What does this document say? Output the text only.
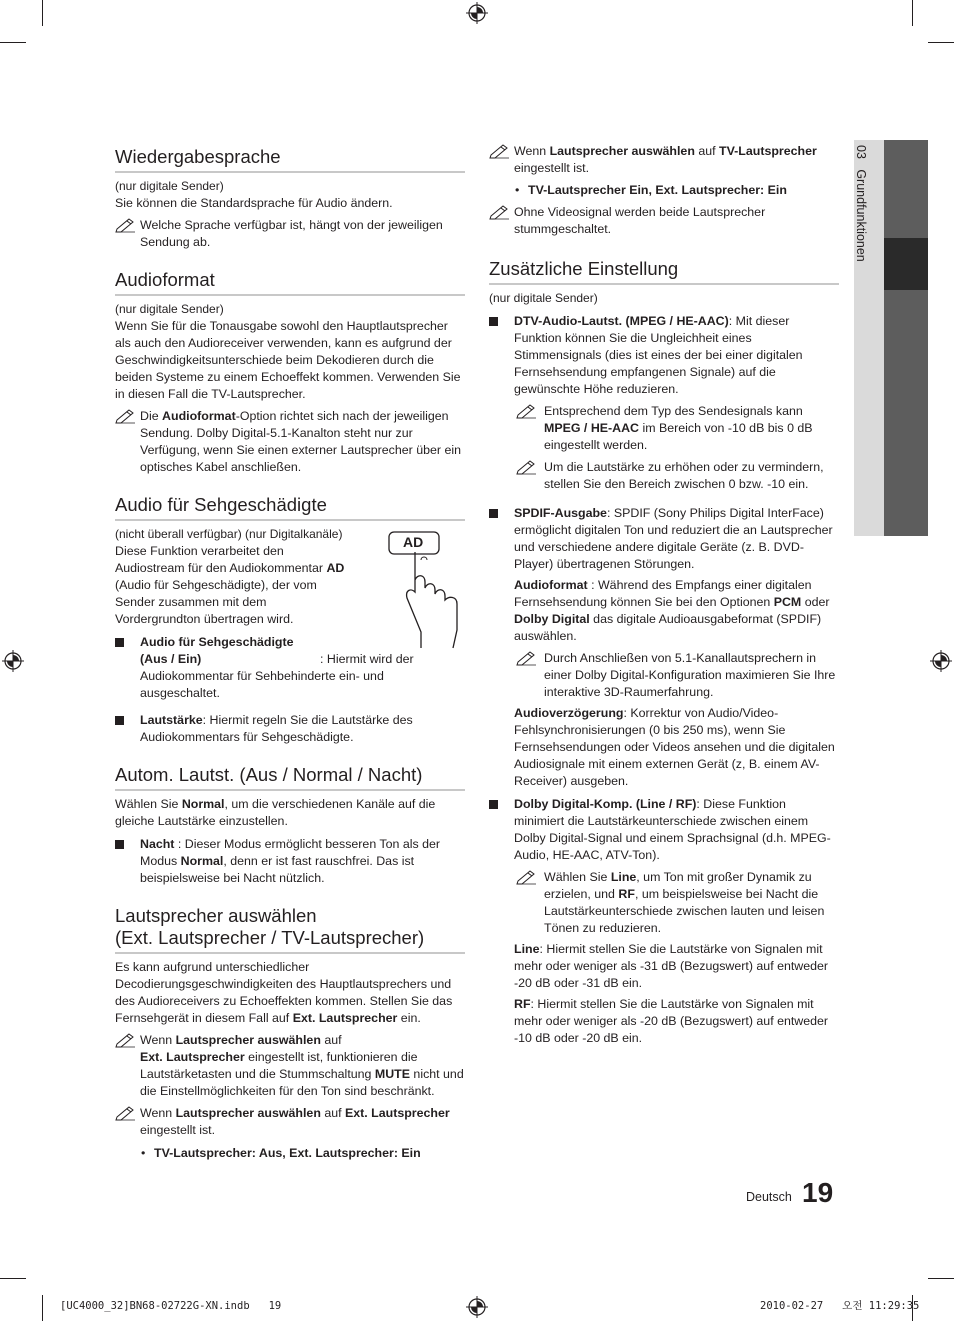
03   Grundfunktionen
Wiedergabesprache

(nur digitale Sender)

Sie können die Standardsprache für Audio ändern.

Welche Sprache verfügbar ist, hängt von der jeweiligen Sendung ab.
Audioformat

(nur digitale Sender)

Wenn Sie für die Tonausgabe sowohl den Hauptlautsprecher als auch den Audioreceiver verwenden, kann es aufgrund der Geschwindigkeitsunterschiede beim Dekodieren durch die beiden Systeme zu einem Echoeffekt kommen. Verwenden Sie in diesen Fall die TV-Lautsprecher.

Die Audioformat-Option richtet sich nach der jeweiligen Sendung. Dolby Digital-5.1-Kanalton steht nur zur Verfügung, wenn Sie einen externer Lautsprecher über ein optisches Kabel anschließen.
Audio für Sehgeschädigte

(nicht überall verfügbar) (nur Digitalkanäle)

Diese Funktion verarbeitet den Audiostream für den Audiokommentar AD (Audio für Sehgeschädigte), der vom Sender zusammen mit dem Vordergrundton übertragen wird.

AD
Audio für Sehgeschädigte (Aus / Ein)	: Hiermit wird der Audiokommentar für Sehbehinderte ein- und ausgeschaltet.
Lautstärke: Hiermit regeln Sie die Lautstärke des Audiokommentars für Sehgeschädigte.
Autom. Lautst. (Aus / Normal / Nacht)

Wählen Sie Normal, um die verschiedenen Kanäle auf die gleiche Lautstärke einzustellen.

Nacht : Dieser Modus ermöglicht besseren Ton als der Modus Normal, denn er ist fast rauschfrei. Das ist beispielsweise bei Nacht nützlich.
Lautsprecher auswählen
(Ext. Lautsprecher / TV-Lautsprecher)

Es kann aufgrund unterschiedlicher Decodierungsgeschwindigkeiten des Hauptlautsprechers und des Audioreceivers zu Echoeffekten kommen. Stellen Sie das Fernsehgerät in diesem Fall auf Ext. Lautsprecher ein.

Wenn Lautsprecher auswählen auf
Ext. Lautsprecher eingestellt ist, funktionieren die Lautstärketasten und die Stummschaltung MUTE nicht und die Einstellmöglichkeiten für den Ton sind beschränkt.
Wenn Lautsprecher auswählen auf Ext. Lautsprecher eingestellt ist.
• TV-Lautsprecher: Aus, Ext. Lautsprecher: Ein
Wenn Lautsprecher auswählen auf TV-Lautsprecher eingestellt ist.
• TV-Lautsprecher Ein, Ext. Lautsprecher: Ein
Ohne Videosignal werden beide Lautsprecher stummgeschaltet.
Zusätzliche Einstellung

(nur digitale Sender)

DTV-Audio-Lautst. (MPEG / HE-AAC): Mit dieser Funktion können Sie die Ungleichheit eines Stimmensignals (dies ist eines der bei einer digitalen Fernsehsendung empfangenen Signale) auf die gewünschte Höhe reduzieren.
Entsprechend dem Typ des Sendesignals kann MPEG / HE-AAC im Bereich von -10 dB bis 0 dB eingestellt werden.
Um die Lautstärke zu erhöhen oder zu vermindern, stellen Sie den Bereich zwischen 0 bzw. -10 ein.
SPDIF-Ausgabe: SPDIF (Sony Philips Digital InterFace) ermöglicht digitalen Ton und reduziert die an Lautsprecher und verschiedene andere digitale Geräte (z. B. DVD-Player) übertragenen Störungen.

Audioformat : Während des Empfangs einer digitalen Fernsehsendung können Sie bei den Optionen PCM oder Dolby Digital das digitale Audioausgabeformat (SPDIF) auswählen.

Durch Anschließen von 5.1-Kanallautsprechern in einer Dolby Digital-Konfiguration maximieren Sie Ihre interaktive 3D-Raumerfahrung.

Audioverzögerung: Korrektur von Audio/Video-Fehlsynchronisierungen (0 bis 250 ms), wenn Sie Fernsehsendungen oder Videos ansehen und die digitalen Audiosignale mit einem externen Gerät (z, B. einem AV-Receiver) ausgeben.

Dolby Digital-Komp. (Line / RF): Diese Funktion minimiert die Lautstärkeunterschiede zwischen einem Dolby Digital-Signal und einem Sprachsignal (d.h. MPEG-Audio, HE-AAC, ATV-Ton).
Wählen Sie Line, um Ton mit großer Dynamik zu erzielen, und RF, um beispielsweise bei Nacht die Lautstärkeunterschiede zwischen lauten und leisen Tönen zu reduzieren.

Line: Hiermit stellen Sie die Lautstärke von Signalen mit mehr oder weniger als -31 dB (Bezugswert) auf entweder -20 dB oder -31 dB ein.

RF: Hiermit stellen Sie die Lautstärke von Signalen mit mehr oder weniger als -20 dB (Bezugswert) auf entweder -10 dB oder -20 dB ein.

Deutsch 19
[UC4000_32]BN68-02722G-XN.indb   19	2010-02-27   오전 11:29:35
